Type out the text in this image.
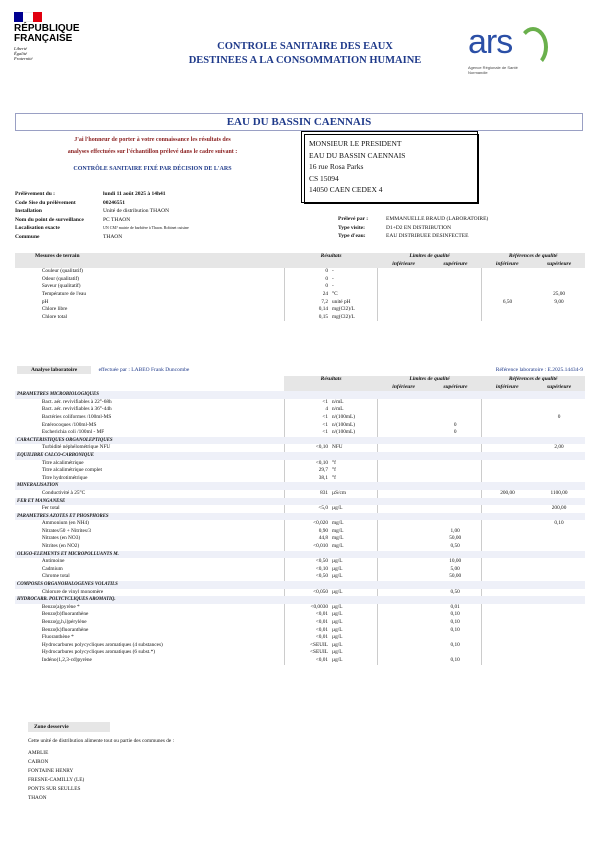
RÉPUBLIQUE
FRANÇAISE
Liberté
Égalité
Fraternité
CONTROLE SANITAIRE DES EAUX
DESTINEES A LA CONSOMMATION HUMAINE	ars
Agence Régionale de Santé Normandie
EAU DU BASSIN CAENNAIS
J'ai l'honneur de porter à votre connaissance les résultats des
analyses effectuées sur l'échantillon prélevé dans le cadre suivant :
CONTRÔLE SANITAIRE FIXÉ PAR DÉCISION DE L'ARS
MONSIEUR LE PRESIDENT
EAU DU BASSIN CAENNAIS
16 rue Rosa Parks
CS 15094
14050 CAEN CEDEX 4
Prélèvement du :	lundi 11 août 2025 à 14h41
Code Sise du prélèvement	00246551
Installation	Unité de distribution THAON
Nom du point de surveillance	PC THAON
Localisation exacte	UN CM? mairie de barbière à Thaon. Robinet cuisine
Commune	THAON
Prélevé par :	EMMANUELLE BRAUD (LABORATOIRE)
Type visite:	D1+D2 EN DISTRIBUTION
Type d'eau:	EAU DISTRIBUEE DESINFECTEE
Mesures de terrain		Résultats		Limites de qualité		Références de qualité	
				inférieure	supérieure	inférieure	supérieure
	Couleur (qualitatif)	0	-				
	Odeur (qualitatif)	0	-				
	Saveur (qualitatif)	0	-				
	Température de l'eau	24	°C				25,00
	pH	7,2	unité pH			6,50	9,00
	Chlore libre	0,14	mg(Cl2)/L				
	Chlore total	0,15	mg(Cl2)/L				
Analyse laboratoire effectuée par : LABEO Frank Duncombe		Référence laboratoire : E.2025.14434-9					
		Résultats		Limites de qualité		Références de qualité	
				inférieure	supérieure	inférieure	supérieure
PARAMETRES MICROBIOLOGIQUES							
	Bact. aér. revivifiables à 22°-68h	<1	n/mL				
	Bact. aér. revivifiables à 36°-44h	4	n/mL				
	Bactéries coliformes /100ml-MS	<1	n/(100mL)				0
	Entérocoques /100ml-MS	<1	n/(100mL)		0		
	Escherichia coli /100ml - MF	<1	n/(100mL)		0		
CARACTERISTIQUES ORGANOLEPTIQUES							
	Turbidité néphélométrique NFU	<0,10	NFU				2,00
EQUILIBRE CALCO-CARBONIQUE							
	Titre alcalimétrique	<0,10	°f				
	Titre alcalimétrique complet	29,7	°f				
	Titre hydrotimétrique	38,1	°f				
MINERALISATION							
	Conductivité à 25°C	831	µS/cm			200,00	1100,00
FER ET MANGANESE							
	Fer total	<5,0	µg/L				200,00
PARAMETRES AZOTES ET PHOSPHORES							
	Ammonium (en NH4)	<0,020	mg/L				0,10
	Nitrates/50 + Nitrites/3	0,90	mg/L		1,00		
	Nitrates (en NO3)	44,8	mg/L		50,00		
	Nitrites (en NO2)	<0,010	mg/L		0,50		
OLIGO-ELEMENTS ET MICROPOLLUANTS M.							
	Antimoine	<0,50	µg/L		10,00		
	Cadmium	<0,10	µg/L		5,00		
	Chrome total	<0,50	µg/L		50,00		
COMPOSES ORGANOHALOGENES VOLATILS							
	Chlorure de vinyl monomère	<0,050	µg/L		0,50		
HYDROCARB. POLYCYCLIQUES AROMATIQ.							
	Benzo(a)pyrène *	<0,0030	µg/L		0,01		
	Benzo(b)fluoranthène	<0,01	µg/L		0,10		
	Benzo(g,h,i)pérylène	<0,01	µg/L		0,10		
	Benzo(k)fluoranthène	<0,01	µg/L		0,10		
	Fluoranthène *	<0,01	µg/L				
	Hydrocarbures polycycliques aromatiques (4 substances)	<SEUIL	µg/L		0,10		
	Hydrocarbures polycycliques aromatiques (6 subst.*)	<SEUIL	µg/L				
	Indéno(1,2,3-cd)pyrène	<0,01	µg/L		0,10		
Zone desservie
Cette unité de distribution alimente tout ou partie des communes de :
AMBLIE
CAIRON
FONTAINE HENRY
FRESNE-CAMILLY (LE)
PONTS SUR SEULLES
THAON
